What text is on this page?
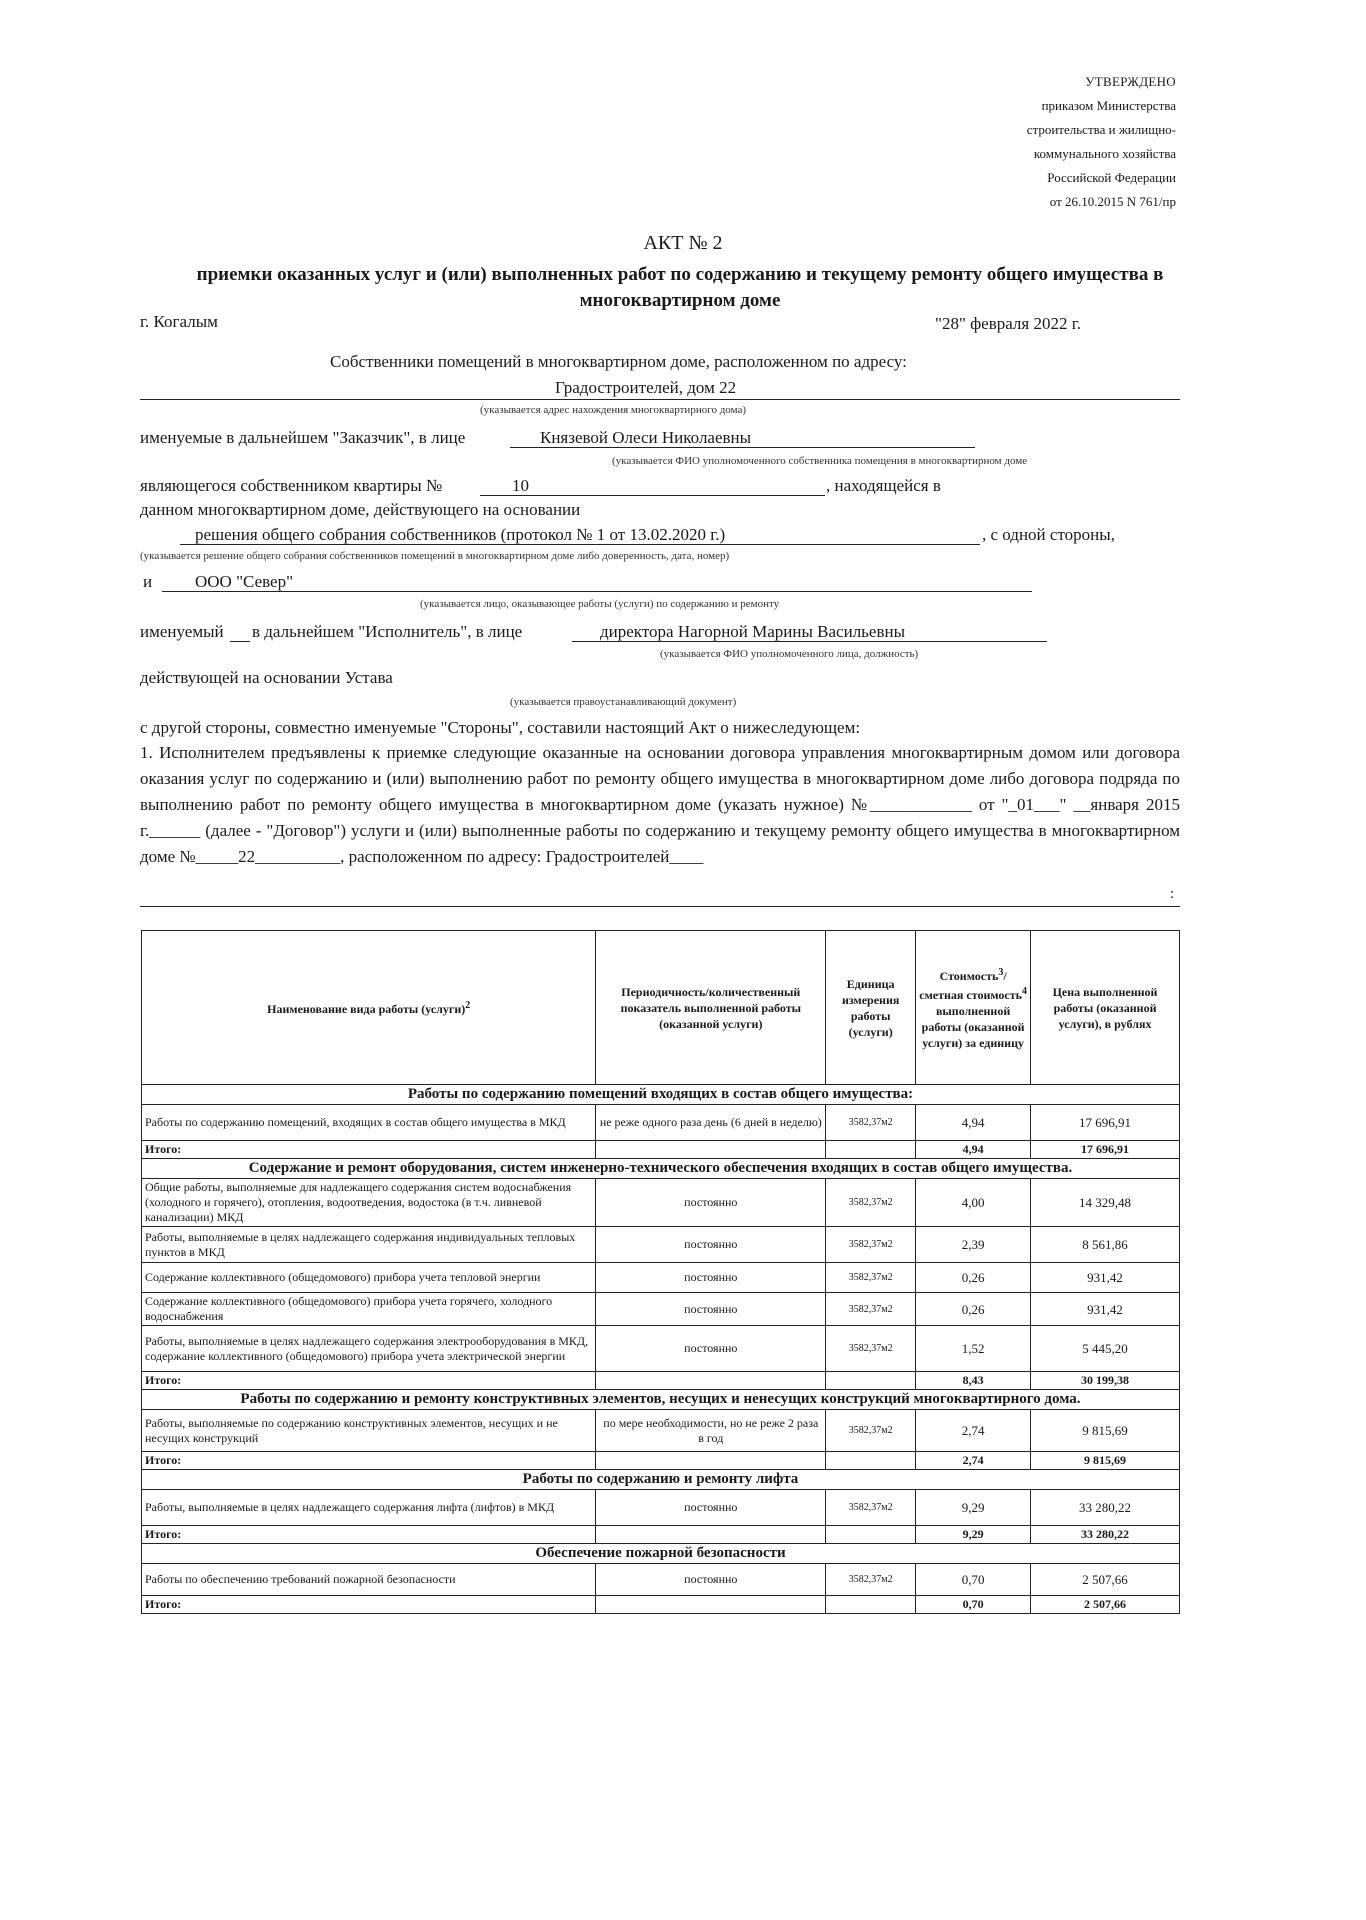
УТВЕРЖДЕНО
приказом Министерства
строительства и жилищно-
коммунального хозяйства
Российской Федерации
от 26.10.2015 N 761/пр
АКТ № 2
приемки оказанных услуг и (или) выполненных работ по содержанию и текущему ремонту общего имущества в многоквартирном доме
г. Когалым	"28" февраля 2022 г.
Собственники помещений в многоквартирном доме, расположенном по адресу:
Градостроителей, дом 22
(указывается адрес нахождения многоквартирного дома)
именуемые в дальнейшем "Заказчик", в лице	Князевой Олеси Николаевны
(указывается ФИО уполномоченного собственника помещения в многоквартирном доме
являющегося собственником квартиры №	10	, находящейся в
данном многоквартирном доме, действующего на основании
решения общего собрания собственников (протокол № 1 от 13.02.2020 г.)	, с одной стороны,
(указывается решение общего собрания собственников помещений в многоквартирном доме либо доверенность, дата, номер)
и	ООО "Север"
(указывается лицо, оказывающее работы (услуги) по содержанию и ремонту
именуемый в дальнейшем "Исполнитель", в лице	директора Нагорной Марины Васильевны
(указывается ФИО уполномоченного лица, должность)
действующей на основании Устава
(указывается правоустанавливающий документ)
с другой стороны, совместно именуемые "Стороны", составили настоящий Акт о нижеследующем:
1. Исполнителем предъявлены к приемке следующие оказанные на основании договора управления многоквартирным домом или договора оказания услуг по содержанию и (или) выполнению работ по ремонту общего имущества в многоквартирном доме либо договора подряда по выполнению работ по ремонту общего имущества в многоквартирном доме (указать нужное) №____________ от "_01___" __января 2015 г.______ (далее - "Договор") услуги и (или) выполненные работы по содержанию и текущему ремонту общего имущества в многоквартирном доме №_____22__________, расположенном по адресу: Градостроителей____
:
Наименование вида работы (услуги)$^2$	Периодичность/количественный показатель выполненной работы (оказанной услуги)	Единица измерения работы (услуги)	Стоимость$^3$/сметная стоимость$^4$ выполненной работы (оказанной услуги) за единицу	Цена выполненной работы (оказанной услуги), в рублях
Работы по содержанию помещений входящих в состав общего имущества:				
Работы по содержанию помещений, входящих в состав общего имущества в МКД	не реже одного раза день (6 дней в неделю)	3582,37м2	4,94	17 696,91
Итого:			4,94	17 696,91
Содержание и ремонт оборудования, систем инженерно-технического обеспечения входящих в состав общего имущества.				
Общие работы, выполняемые для надлежащего содержания систем водоснабжения (холодного и горячего), отопления, водоотведения, водостока (в т.ч. ливневой канализации) МКД	постоянно	3582,37м2	4,00	14 329,48
Работы, выполняемые в целях надлежащего содержания индивидуальных тепловых пунктов в МКД	постоянно	3582,37м2	2,39	8 561,86
Содержание коллективного (общедомового) прибора учета тепловой энергии	постоянно	3582,37м2	0,26	931,42
Содержание коллективного (общедомового) прибора учета горячего, холодного водоснабжения	постоянно	3582,37м2	0,26	931,42
Работы, выполняемые в целях надлежащего содержания электрооборудования в МКД, содержание коллективного (общедомового) прибора учета электрической энергии	постоянно	3582,37м2	1,52	5 445,20
Итого:			8,43	30 199,38
Работы по содержанию и ремонту конструктивных элементов, несущих и ненесущих конструкций многоквартирного дома.				
Работы, выполняемые по содержанию конструктивных элементов, несущих и не несущих конструкций	по мере необходимости, но не реже 2 раза в год	3582,37м2	2,74	9 815,69
Итого:			2,74	9 815,69
Работы по содержанию и ремонту лифта				
Работы, выполняемые в целях надлежащего содержания лифта (лифтов) в МКД	постоянно	3582,37м2	9,29	33 280,22
Итого:			9,29	33 280,22
Обеспечение пожарной безопасности				
Работы по обеспечению требований пожарной безопасности	постоянно	3582,37м2	0,70	2 507,66
Итого:			0,70	2 507,66
